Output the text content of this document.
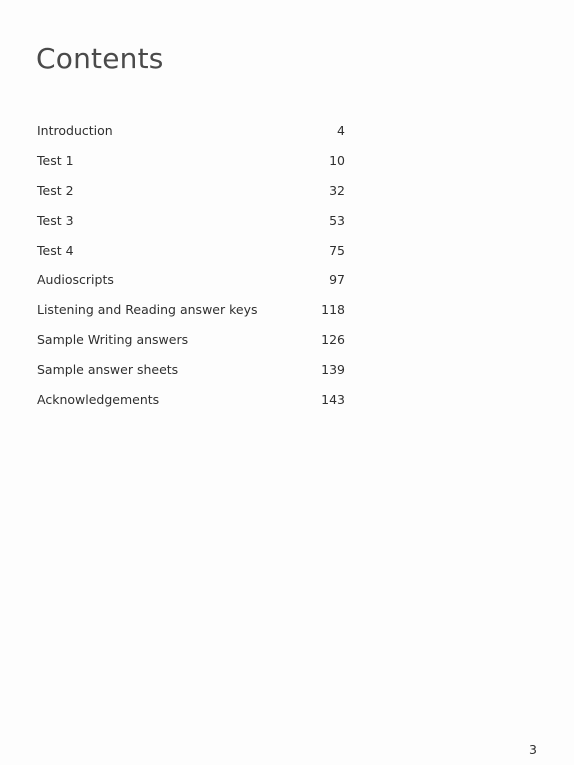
Contents
Introduction	4
Test 1	10
Test 2	32
Test 3	53
Test 4	75
Audioscripts	97
Listening and Reading answer keys	118
Sample Writing answers	126
Sample answer sheets	139
Acknowledgements	143
3
